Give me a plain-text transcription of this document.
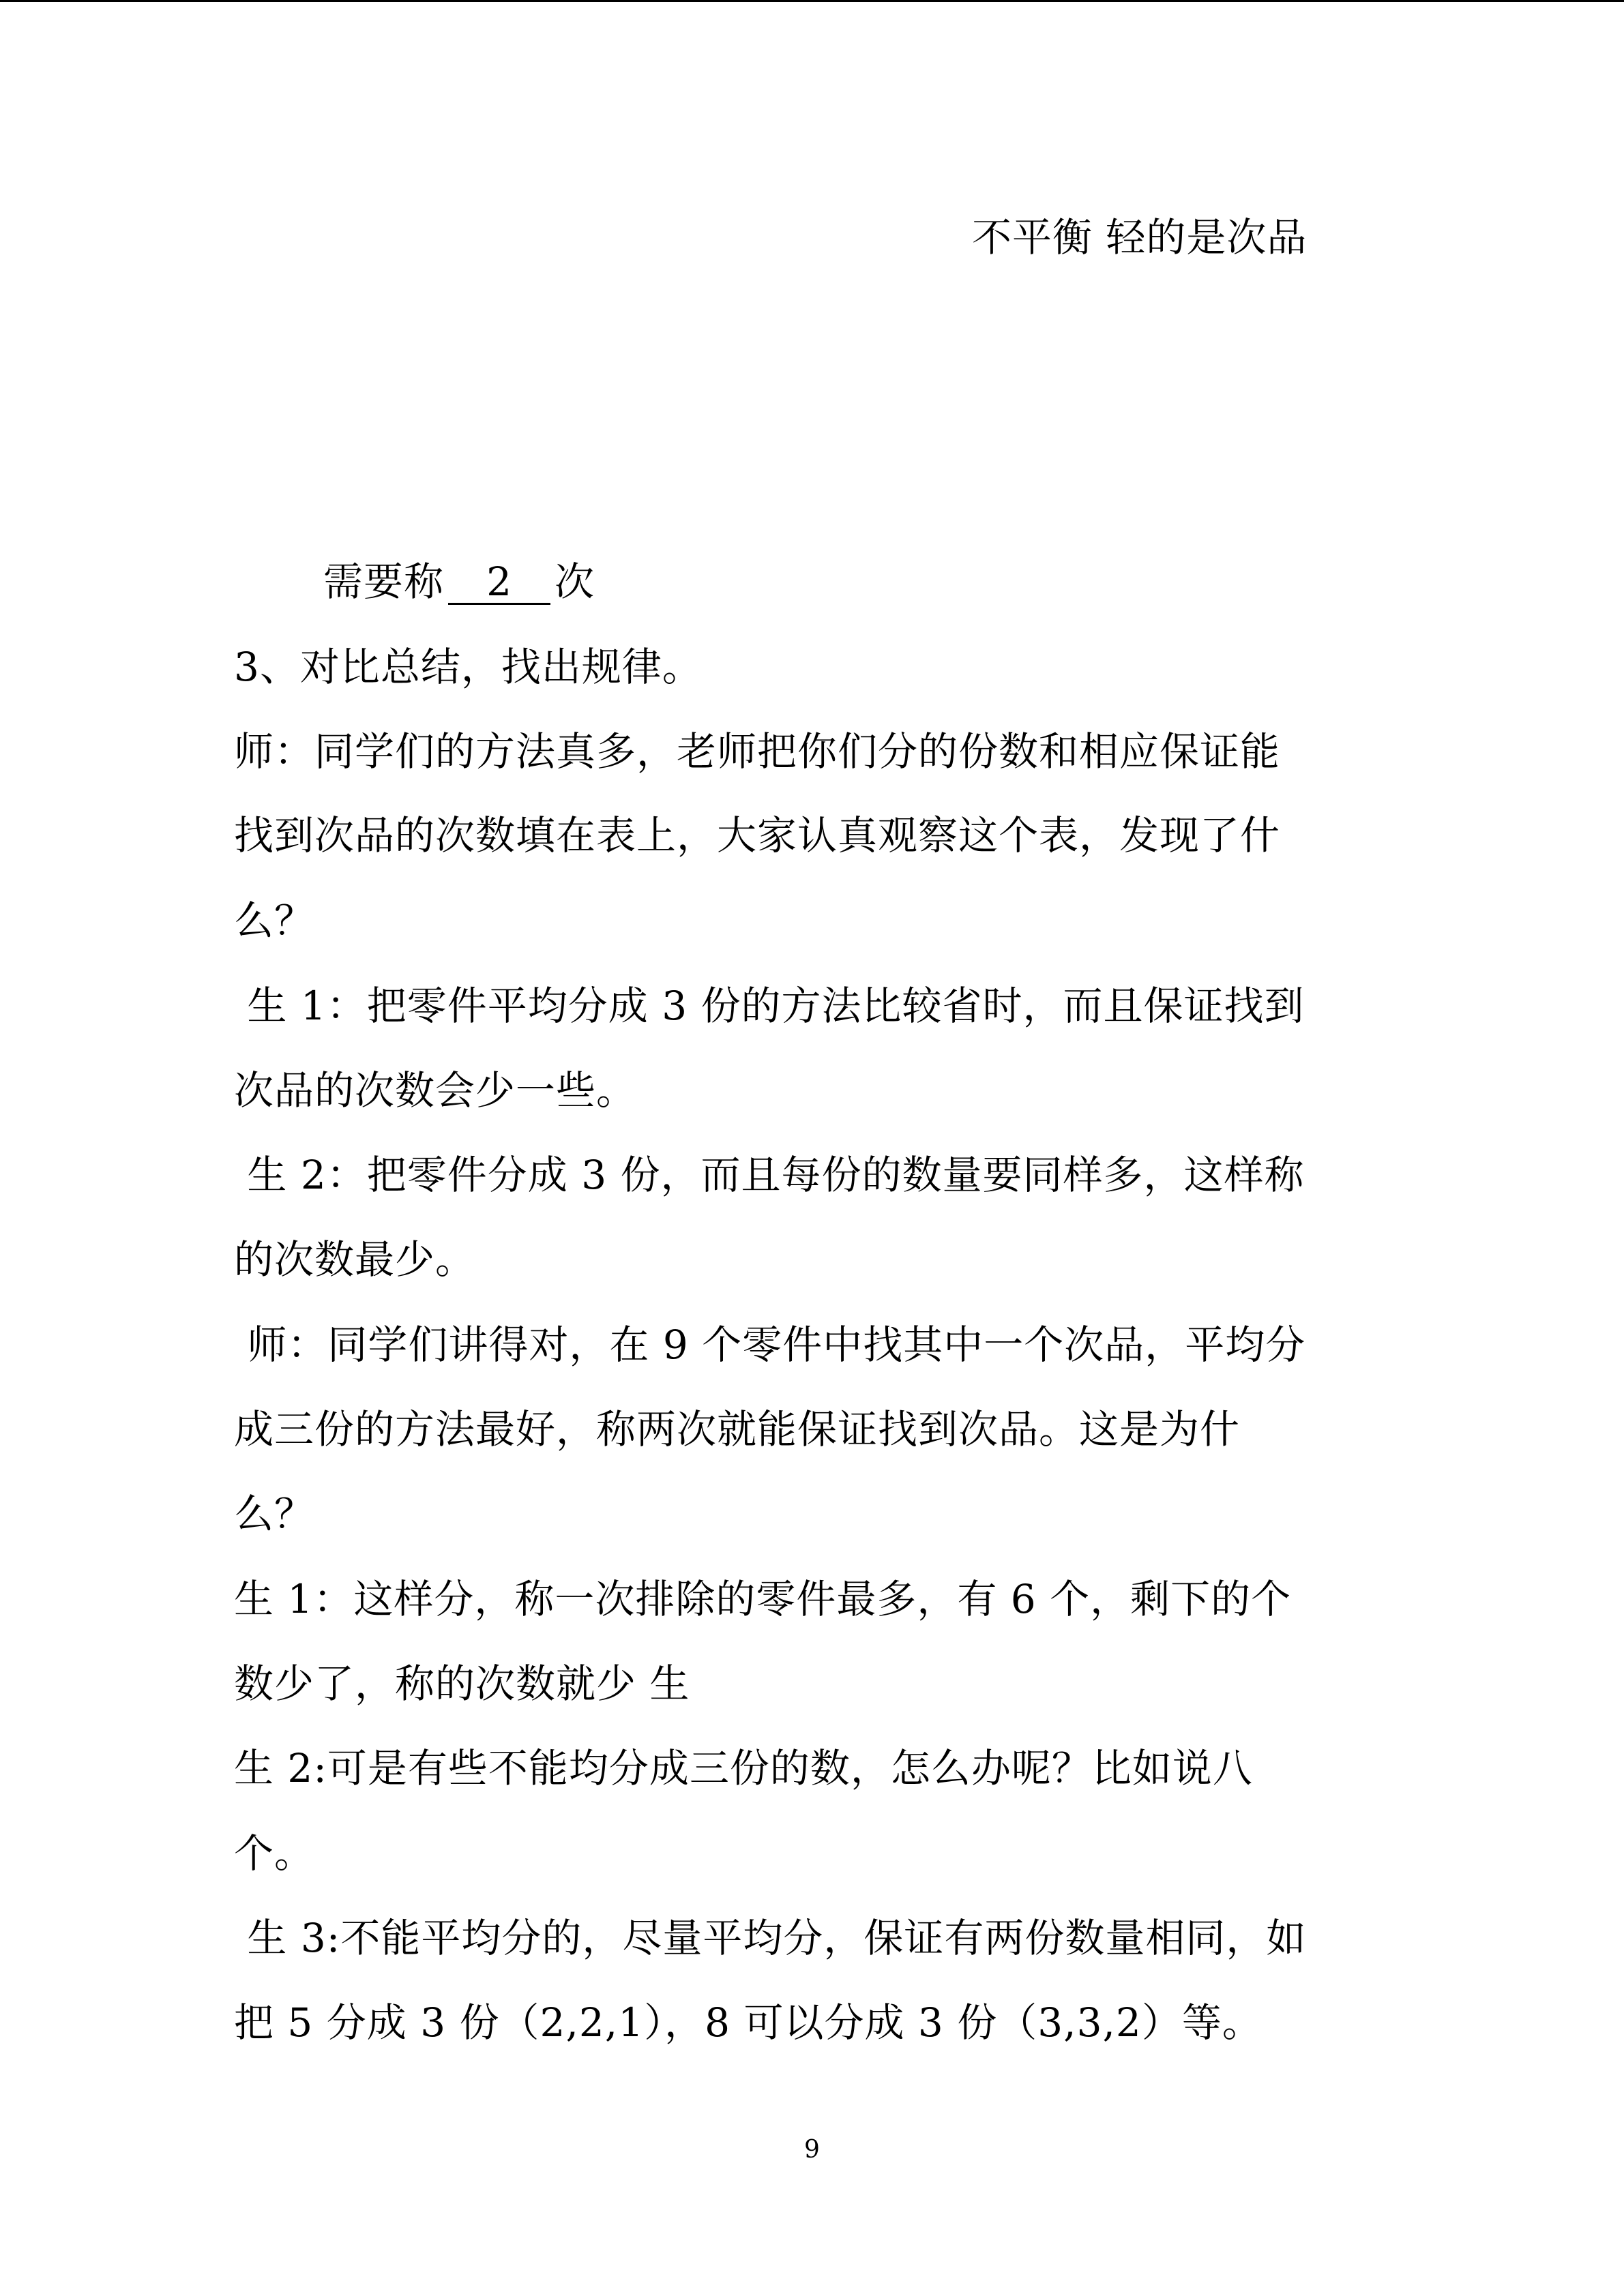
不平衡 轻的是次品
需要称 2 次
3、对比总结，找出规律。
师：同学们的方法真多，老师把你们分的份数和相应保证能
找到次品的次数填在表上，大家认真观察这个表，发现了什
么？
生 1：把零件平均分成 3 份的方法比较省时，而且保证找到
次品的次数会少一些。
生 2：把零件分成 3 份，而且每份的数量要同样多，这样称
的次数最少。
师：同学们讲得对，在 9 个零件中找其中一个次品，平均分
成三份的方法最好，称两次就能保证找到次品。这是为什
么？
生 1：这样分，称一次排除的零件最多，有 6 个，剩下的个
数少了，称的次数就少 生
生 2:可是有些不能均分成三份的数，怎么办呢？比如说八
个。
生 3:不能平均分的，尽量平均分，保证有两份数量相同，如
把 5 分成 3 份（2,2,1），8 可以分成 3 份（3,3,2）等。
9
